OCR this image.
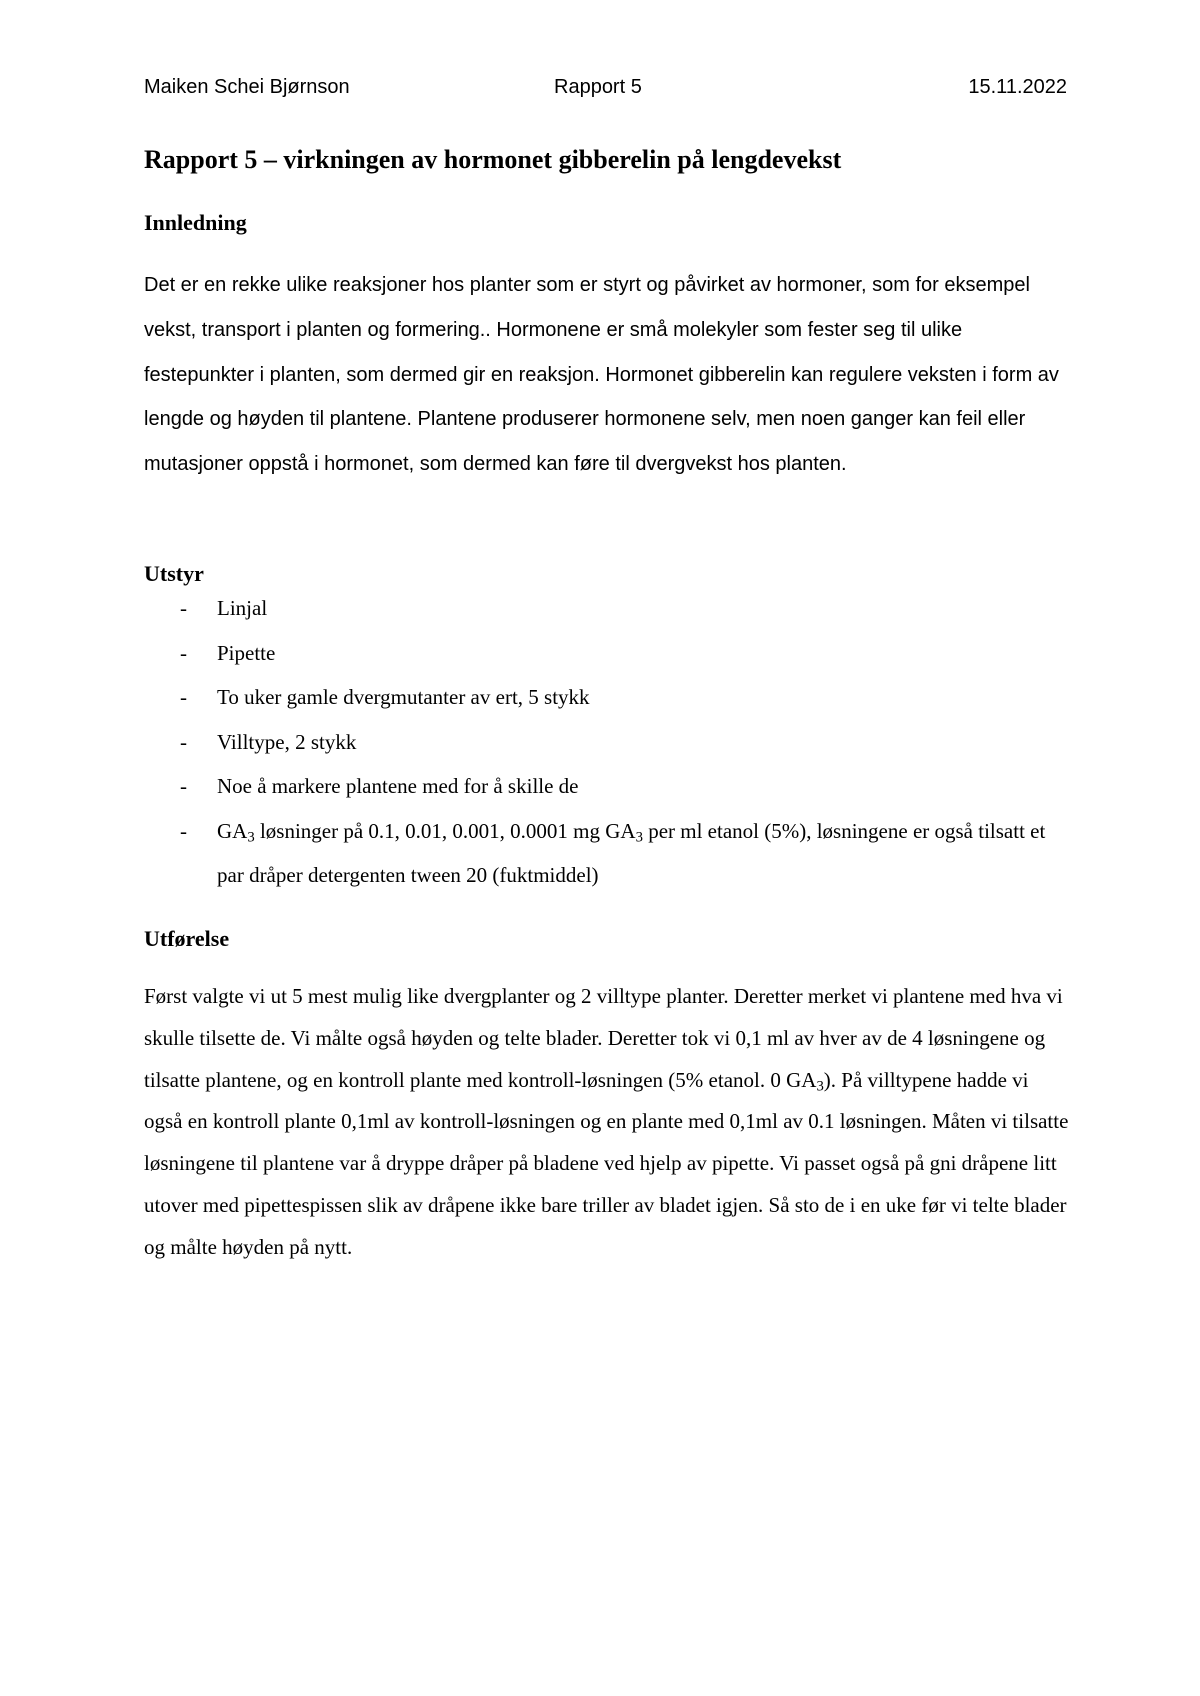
Maiken Schei Bjørnson	Rapport 5	15.11.2022
Rapport 5 – virkningen av hormonet gibberelin på lengdevekst
Innledning

Det er en rekke ulike reaksjoner hos planter som er styrt og påvirket av hormoner, som for eksempel vekst, transport i planten og formering.. Hormonene er små molekyler som fester seg til ulike festepunkter i planten, som dermed gir en reaksjon. Hormonet gibberelin kan regulere veksten i form av lengde og høyden til plantene. Plantene produserer hormonene selv, men noen ganger kan feil eller mutasjoner oppstå i hormonet, som dermed kan føre til dvergvekst hos planten.

Utstyr
- Linjal
- Pipette
- To uker gamle dvergmutanter av ert, 5 stykk
- Villtype, 2 stykk
- Noe å markere plantene med for å skille de
- $GA_3$ løsninger på 0.1, 0.01, 0.001, 0.0001 mg $GA_3$ per ml etanol (5%), løsningene er også tilsatt et par dråper detergenten tween 20 (fuktmiddel)
Utførelse

Først valgte vi ut 5 mest mulig like dvergplanter og 2 villtype planter. Deretter merket vi plantene med hva vi skulle tilsette de. Vi målte også høyden og telte blader. Deretter tok vi 0,1 ml av hver av de 4 løsningene og tilsatte plantene, og en kontroll plante med kontroll-løsningen (5% etanol. 0 $GA_3$). På villtypene hadde vi også en kontroll plante 0,1ml av kontroll-løsningen og en plante med 0,1ml av 0.1 løsningen. Måten vi tilsatte løsningene til plantene var å dryppe dråper på bladene ved hjelp av pipette. Vi passet også på gni dråpene litt utover med pipettespissen slik av dråpene ikke bare triller av bladet igjen. Så sto de i en uke før vi telte blader og målte høyden på nytt.
